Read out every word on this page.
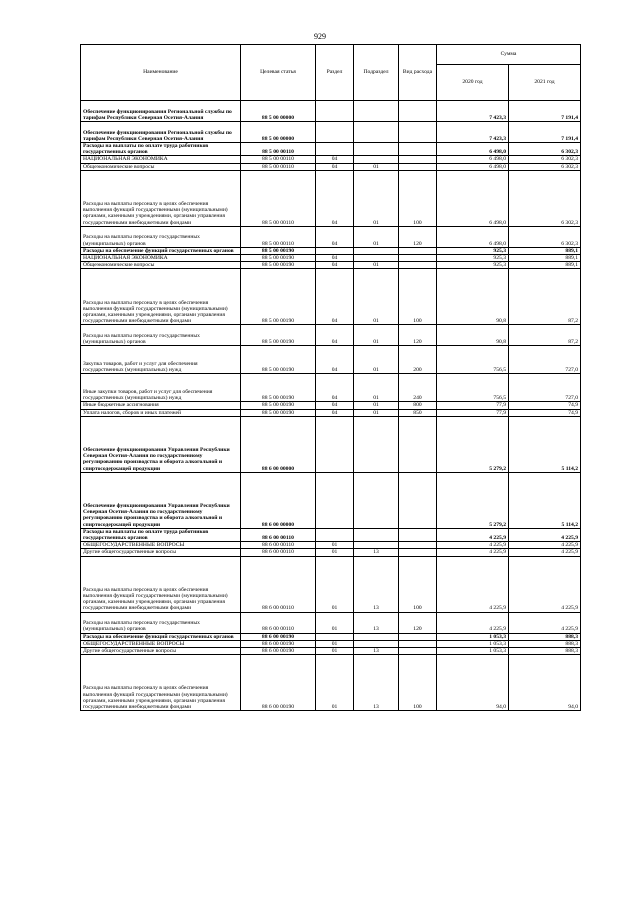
929
Наименование	Целевая статья	Раздел	Подраздел	Вид расхода	Сумма	
					2020 год	2021 год
Обеспечение функционирования Региональной службы по тарифам Республики Северная Осетия-Алания	88 5 00 00000				7 423,3	7 191,4
Обеспечение функционирования Региональной службы по тарифам Республики Северная Осетия-Алания	88 5 00 00000				7 423,3	7 191,4
Расходы на выплаты по оплате труда работников государственных органов	88 5 00 00110				6 498,0	6 302,3
НАЦИОНАЛЬНАЯ ЭКОНОМИКА	88 5 00 00110	04			6 498,0	6 302,3
Общеэкономические вопросы	88 5 00 00110	04	01		6 498,0	6 302,3
Расходы на выплаты персоналу в целях обеспечения выполнения функций государственными (муниципальными) органами, казенными учреждениями, органами управления государственными внебюджетными фондами	88 5 00 00110	04	01	100	6 498,0	6 302,3
Расходы на выплаты персоналу государственных (муниципальных) органов	88 5 00 00110	04	01	120	6 498,0	6 302,3
Расходы на обеспечение функций государственных органов	88 5 00 00190				925,3	889,1
НАЦИОНАЛЬНАЯ ЭКОНОМИКА	88 5 00 00190	04			925,3	889,1
Общеэкономические вопросы	88 5 00 00190	04	01		925,3	889,1
Расходы на выплаты персоналу в целях обеспечения выполнения функций государственными (муниципальными) органами, казенными учреждениями, органами управления государственными внебюджетными фондами	88 5 00 00190	04	01	100	90,8	87,2
Расходы на выплаты персоналу государственных (муниципальных) органов	88 5 00 00190	04	01	120	90,8	87,2
Закупка товаров, работ и услуг для обеспечения государственных (муниципальных) нужд	88 5 00 00190	04	01	200	756,5	727,0
Иные закупки товаров, работ и услуг для обеспечения государственных (муниципальных) нужд	88 5 00 00190	04	01	240	756,5	727,0
Иные бюджетные ассигнования	88 5 00 00190	04	01	800	77,9	74,9
Уплата налогов, сборов и иных платежей	88 5 00 00190	04	01	850	77,9	74,9
Обеспечение функционирования Управления Республики Северная Осетия-Алания по государственному регулированию производства и оборота алкогольной и спиртосодержащей продукции	88 6 00 00000				5 279,2	5 114,2
Обеспечение функционирования Управления Республики Северная Осетия-Алания по государственному регулированию производства и оборота алкогольной и спиртосодержащей продукции	88 6 00 00000				5 279,2	5 114,2
Расходы на выплаты по оплате труда работников государственных органов	88 6 00 00110				4 225,9	4 225,9
ОБЩЕГОСУДАРСТВЕННЫЕ ВОПРОСЫ	88 6 00 00110	01			4 225,9	4 225,9
Другие общегосударственные вопросы	88 6 00 00110	01	13		4 225,9	4 225,9
Расходы на выплаты персоналу в целях обеспечения выполнения функций государственными (муниципальными) органами, казенными учреждениями, органами управления государственными внебюджетными фондами	88 6 00 00110	01	13	100	4 225,9	4 225,9
Расходы на выплаты персоналу государственных (муниципальных) органов	88 6 00 00110	01	13	120	4 225,9	4 225,9
Расходы на обеспечение функций государственных органов	88 6 00 00190				1 053,3	888,3
ОБЩЕГОСУДАРСТВЕННЫЕ ВОПРОСЫ	88 6 00 00190	01			1 053,3	888,3
Другие общегосударственные вопросы	88 6 00 00190	01	13		1 053,3	888,3
Расходы на выплаты персоналу в целях обеспечения выполнения функций государственными (муниципальными) органами, казенными учреждениями, органами управления государственными внебюджетными фондами	88 6 00 00190	01	13	100	94,0	94,0
